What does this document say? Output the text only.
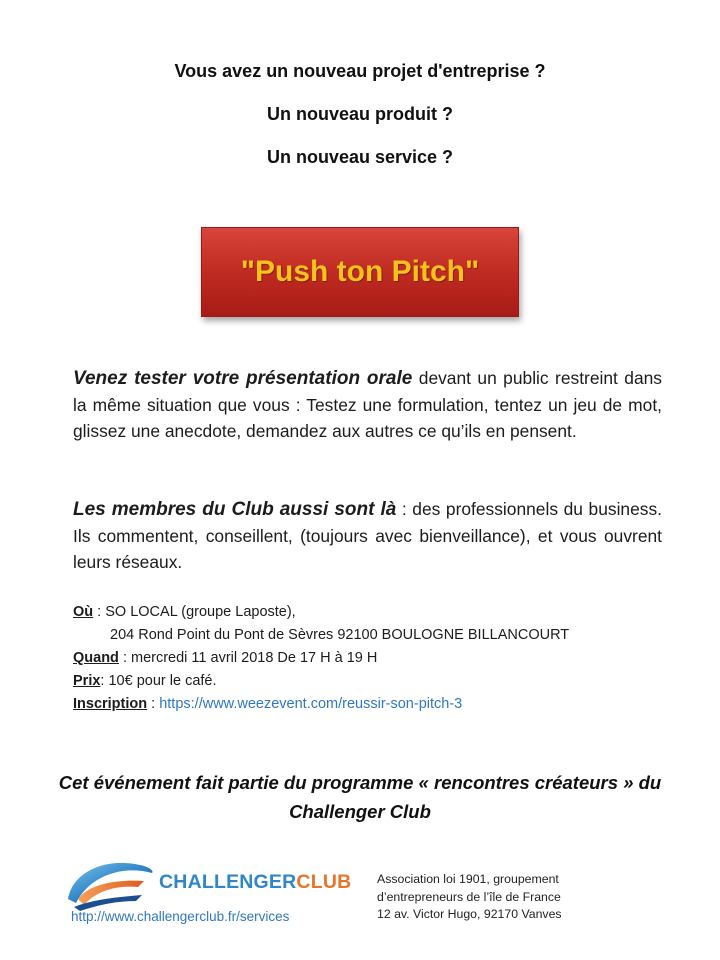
Vous avez un nouveau projet d'entreprise ?
Un nouveau produit ?
Un nouveau service ?
"Push ton Pitch"
Venez tester votre présentation orale devant un public restreint dans la même situation que vous : Testez une formulation, tentez un jeu de mot, glissez une anecdote, demandez aux autres ce qu’ils en pensent.
Les membres du Club aussi sont là : des professionnels du business. Ils commentent, conseillent, (toujours avec bienveillance), et vous ouvrent leurs réseaux.
Où : SO LOCAL (groupe Laposte),
204 Rond Point du Pont de Sèvres 92100 BOULOGNE BILLANCOURT
Quand : mercredi 11 avril 2018 De 17 H à 19 H
Prix: 10€ pour le café.
Inscription : https://www.weezevent.com/reussir-son-pitch-3
Cet événement fait partie du programme « rencontres créateurs » du
Challenger Club
CHALLENGERCLUB
http://www.challengerclub.fr/services
Association loi 1901, groupement
d’entrepreneurs de l’île de France
12 av. Victor Hugo, 92170 Vanves
